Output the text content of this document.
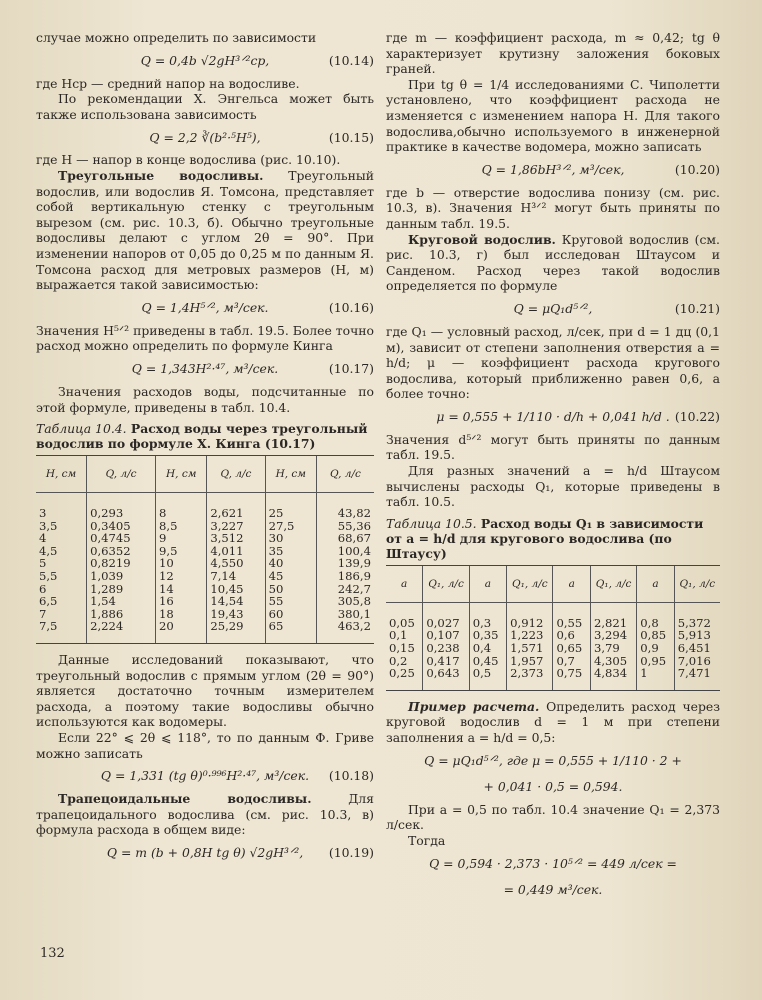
случае можно определить по зависимости

Q = 0,4b √2gH³ᐟ²ср,	(10.14)

где Hср — средний напор на водосливе.

По рекомендации Х. Энгельса может быть также использована зависимость

Q = 2,2 ∛(b²·⁵H⁵),	(10.15)

где H — напор в конце водослива (рис. 10.10).

Треугольные водосливы. Треугольный водослив, или водослив Я. Томсона, представляет собой вертикальную стенку с треугольным вырезом (см. рис. 10.3, б). Обычно треугольные водосливы делают с углом 2θ = 90°. При изменении напоров от 0,05 до 0,25 м по данным Я. Томсона расход для метровых размеров (H, м) выражается такой зависимостью:

Q = 1,4H⁵ᐟ², м³/сек.	(10.16)

Значения H⁵ᐟ² приведены в табл. 19.5. Более точно расход можно определить по формуле Кинга

Q = 1,343H²·⁴⁷, м³/сек.	(10.17)

Значения расходов воды, подсчитанные по этой формуле, приведены в табл. 10.4.

Таблица 10.4. Расход воды через треугольный водослив по формуле Х. Кинга (10.17)
H, см	Q, л/с	H, см	Q, л/с	H, см	Q, л/с
3	0,293	8	2,621	25	43,82
3,5	0,3405	8,5	3,227	27,5	55,36
4	0,4745	9	3,512	30	68,67
4,5	0,6352	9,5	4,011	35	100,4
5	0,8219	10	4,550	40	139,9
5,5	1,039	12	7,14	45	186,9
6	1,289	14	10,45	50	242,7
6,5	1,54	16	14,54	55	305,8
7	1,886	18	19,43	60	380,1
7,5	2,224	20	25,29	65	463,2

Данные исследований показывают, что треугольный водослив с прямым углом (2θ = 90°) является достаточно точным измерителем расхода, а поэтому такие водосливы обычно используются как водомеры.

Если 22° ⩽ 2θ ⩽ 118°, то по данным Ф. Гриве можно записать

Q = 1,331 (tg θ)⁰·⁹⁹⁶H²·⁴⁷, м³/сек. (10.18)

Трапецоидальные водосливы.	Для трапецоидального водослива (см. рис. 10.3, в) формула расхода в общем виде:

Q = m (b + 0,8H tg θ) √2gH³ᐟ², (10.19)

где m — коэффициент расхода, m ≈ 0,42; tg θ характеризует крутизну заложения боковых граней.

При tg θ = 1/4 исследованиями С. Чиполетти установлено, что коэффициент расхода не изменяется с изменением напора H. Для такого водослива,обычно используемого в инженерной практике в качестве водомера, можно записать

Q = 1,86bH³ᐟ², м³/сек,	(10.20)

где b — отверстие водослива понизу (см. рис. 10.3, в). Значения H³ᐟ² могут быть приняты по данным табл. 19.5.

Круговой водослив. Круговой водослив (см. рис. 10.3, г) был исследован Штаусом и Санденом. Расход через такой водослив определяется по формуле

Q = μQ₁d⁵ᐟ²,	(10.21)

где Q₁ — условный расход, л/сек, при d = 1 дц (0,1 м), зависит от степени заполнения отверстия a = h/d; μ — коэффициент расхода кругового водослива, который приближенно равен 0,6, а более точно:

μ = 0,555 + 1/110 · d/h + 0,041 h/d . (10.22)

Значения d⁵ᐟ² могут быть приняты по данным табл. 19.5.

Для разных значений a = h/d Штаусом вычислены расходы Q₁, которые приведены в табл. 10.5.

Таблица 10.5. Расход воды Q₁ в зависимости от a = h/d для кругового водослива (по Штаусу)
a	Q₁, л/с	a	Q₁, л/с	a	Q₁, л/с	a	Q₁, л/с
0,05	0,027	0,3	0,912	0,55	2,821	0,8	5,372
0,1	0,107	0,35	1,223	0,6	3,294	0,85	5,913
0,15	0,238	0,4	1,571	0,65	3,79	0,9	6,451
0,2	0,417	0,45	1,957	0,7	4,305	0,95	7,016
0,25	0,643	0,5	2,373	0,75	4,834	1	7,471

Пример расчета. Определить расход через круговой водослив d = 1 м при степени заполнения a = h/d = 0,5:

Q = μQ₁d⁵ᐟ², где μ = 0,555 + 1/110 · 2 +
+ 0,041 · 0,5 = 0,594.

При a = 0,5 по табл. 10.4 значение Q₁ = 2,373 л/сек.

Тогда

Q = 0,594 · 2,373 · 10⁵ᐟ² = 449 л/сек =
= 0,449 м³/сек.
132
